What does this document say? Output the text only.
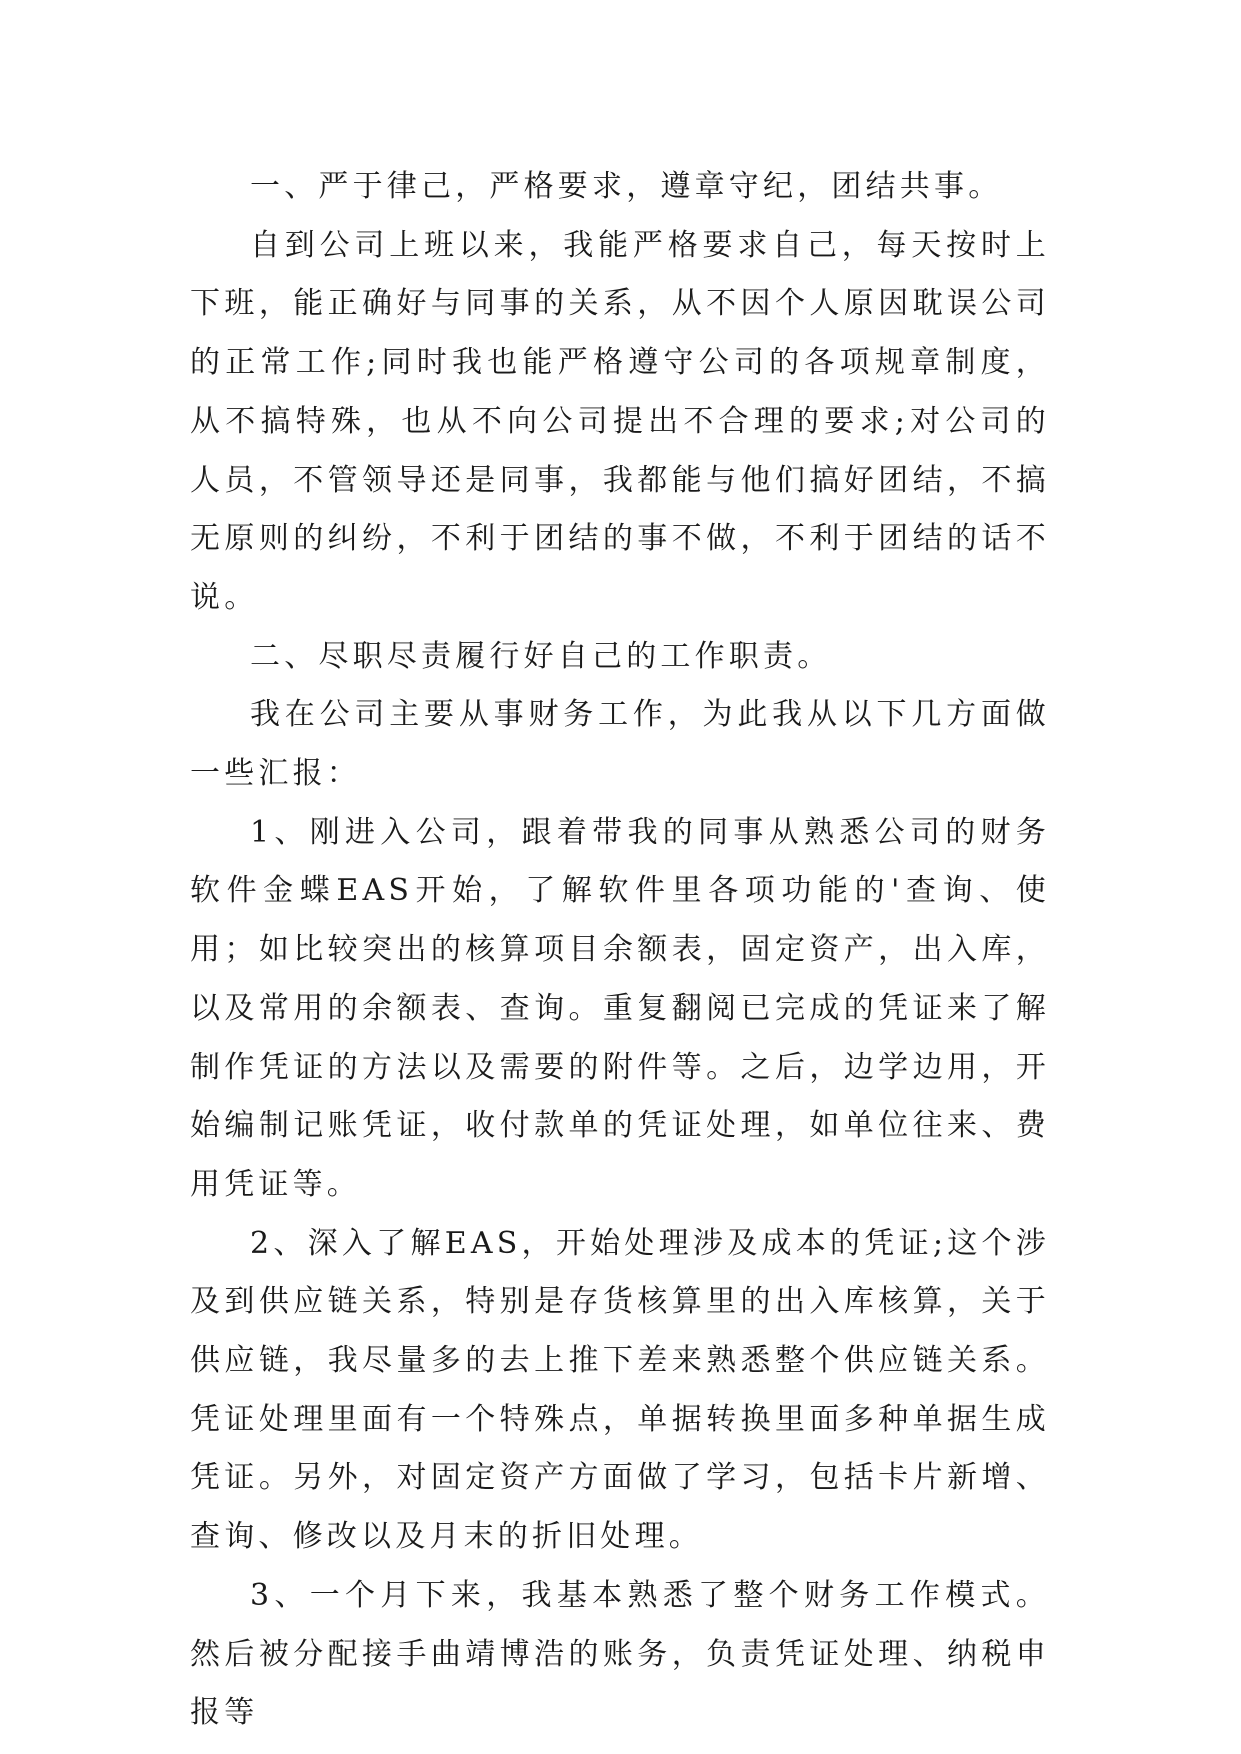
一、严于律己，严格要求，遵章守纪，团结共事。

自到公司上班以来，我能严格要求自己，每天按时上下班，能正确好与同事的关系，从不因个人原因耽误公司的正常工作;同时我也能严格遵守公司的各项规章制度，从不搞特殊，也从不向公司提出不合理的要求;对公司的人员，不管领导还是同事，我都能与他们搞好团结，不搞无原则的纠纷，不利于团结的事不做，不利于团结的话不说。

二、尽职尽责履行好自己的工作职责。

我在公司主要从事财务工作，为此我从以下几方面做一些汇报：

1、刚进入公司，跟着带我的同事从熟悉公司的财务软件金蝶EAS开始，了解软件里各项功能的'查询、使用；如比较突出的核算项目余额表，固定资产，出入库，以及常用的余额表、查询。重复翻阅已完成的凭证来了解制作凭证的方法以及需要的附件等。之后，边学边用，开始编制记账凭证，收付款单的凭证处理，如单位往来、费用凭证等。

2、深入了解EAS，开始处理涉及成本的凭证;这个涉及到供应链关系，特别是存货核算里的出入库核算，关于供应链，我尽量多的去上推下差来熟悉整个供应链关系。凭证处理里面有一个特殊点，单据转换里面多种单据生成凭证。另外，对固定资产方面做了学习，包括卡片新增、查询、修改以及月末的折旧处理。

3、一个月下来，我基本熟悉了整个财务工作模式。然后被分配接手曲靖博浩的账务，负责凭证处理、纳税申报等
